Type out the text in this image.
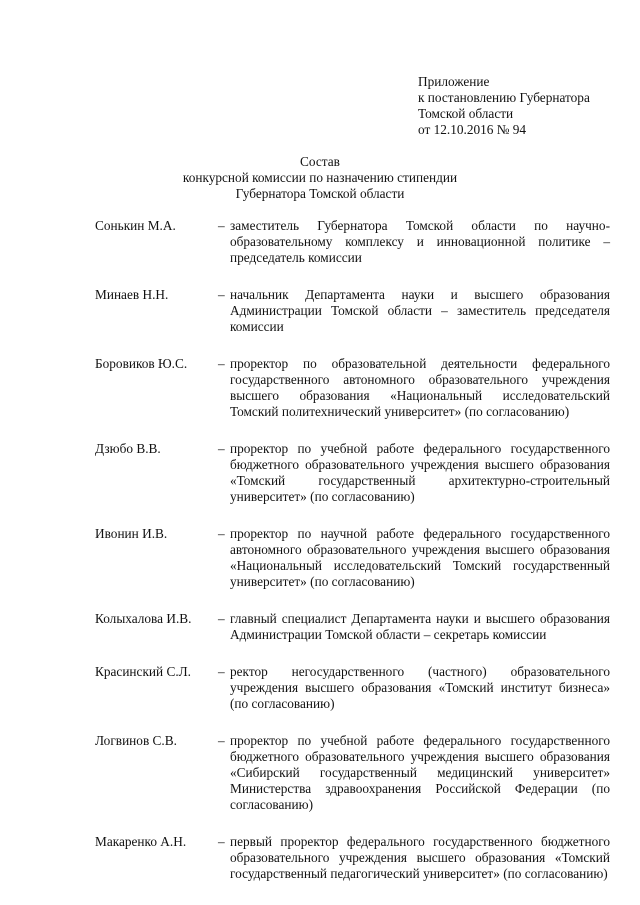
Приложение
к постановлению Губернатора
Томской области
от 12.10.2016 № 94
Состав
конкурсной комиссии по назначению стипендии
Губернатора Томской области
Сонькин М.А.	– заместитель Губернатора Томской области по научно-образовательному комплексу и инновационной политике – председатель комиссии
Минаев Н.Н.	– начальник Департамента науки и высшего образования Администрации Томской области – заместитель председателя комиссии
Боровиков Ю.С.	– проректор по образовательной деятельности федерального государственного автономного образовательного учреждения высшего образования «Национальный исследовательский Томский политехнический университет» (по согласованию)
Дзюбо В.В.	– проректор по учебной работе федерального государственного бюджетного образовательного учреждения высшего образования «Томский государственный архитектурно-строительный университет» (по согласованию)
Ивонин И.В.	– проректор по научной работе федерального государственного автономного образовательного учреждения высшего образования «Национальный исследовательский Томский государственный университет» (по согласованию)
Колыхалова И.В.	– главный специалист Департамента науки и высшего образования Администрации Томской области – секретарь комиссии
Красинский С.Л.	– ректор негосударственного (частного) образовательного учреждения высшего образования «Томский институт бизнеса» (по согласованию)
Логвинов С.В.	– проректор по учебной работе федерального государственного бюджетного образовательного учреждения высшего образования «Сибирский государственный медицинский университет» Министерства здравоохранения Российской Федерации (по согласованию)
Макаренко А.Н.	– первый проректор федерального государственного бюджетного образовательного учреждения высшего образования «Томский государственный педагогический университет» (по согласованию)
